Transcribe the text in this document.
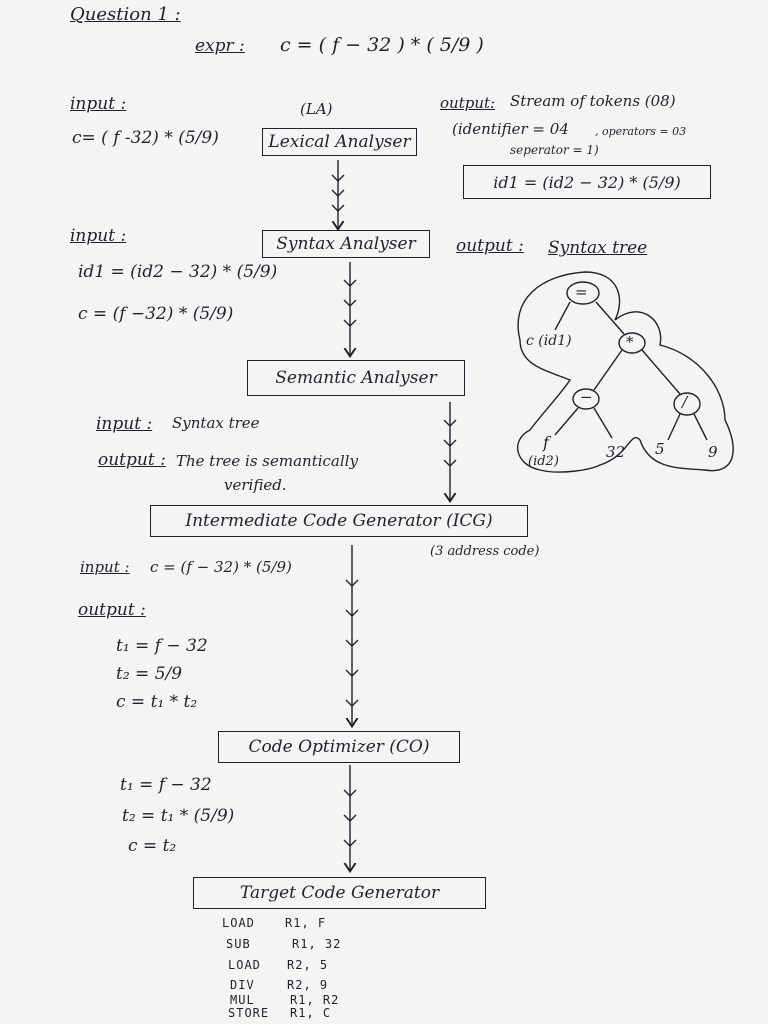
Question 1 :
expr : c = ( f − 32 ) * ( 5/9 )
input :
c= ( f -32) * (5/9)
(LA)
Lexical Analyser
output: Stream of tokens (08)
(identifier = 04 , operators = 03
seperator = 1)
id1 = (id2 − 32) * (5/9)
input :	Syntax Analyser	output : Syntax tree
id1 = (id2 − 32) * (5/9)
c = (f −32) * (5/9)
=
c (id1)	*
−	/
f
(id2)
32 5	9
Semantic Analyser
input : Syntax tree
output : The tree is semantically
verified.
Intermediate Code Generator (ICG)
(3 address code)
input : c = (f − 32) * (5/9)
output :
t₁ = f − 32
t₂ = 5/9
c = t₁ * t₂
Code Optimizer (CO)
t₁ = f − 32
t₂ = t₁ * (5/9)
c = t₂
Target Code Generator
LOAD	R1, F
SUB	R1, 32
LOAD R2, 5
DIV	R2, 9
MUL	R1, R2
STORE R1, C
